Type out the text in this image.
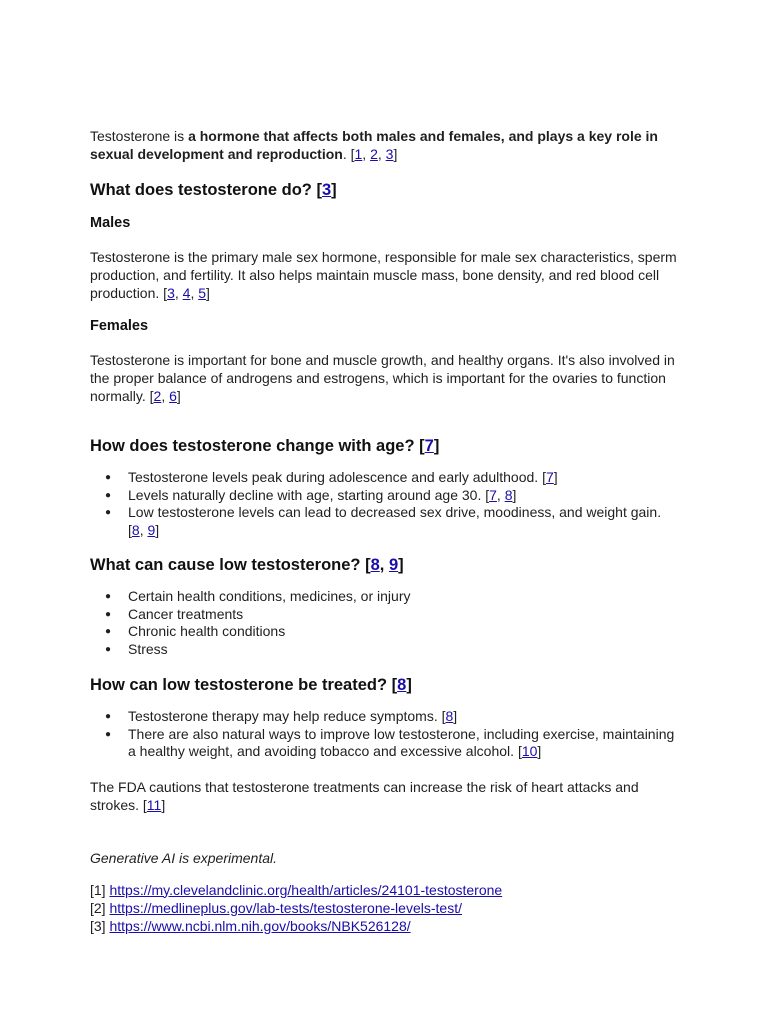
Testosterone is a hormone that affects both males and females, and plays a key role in sexual development and reproduction. [1, 2, 3]

What does testosterone do? [3]
Males

Testosterone is the primary male sex hormone, responsible for male sex characteristics, sperm production, and fertility. It also helps maintain muscle mass, bone density, and red blood cell production. [3, 4, 5]

Females

Testosterone is important for bone and muscle growth, and healthy organs. It's also involved in the proper balance of androgens and estrogens, which is important for the ovaries to function normally. [2, 6]

How does testosterone change with age? [7]
● Testosterone levels peak during adolescence and early adulthood. [7]
● Levels naturally decline with age, starting around age 30. [7, 8]
● Low testosterone levels can lead to decreased sex drive, moodiness, and weight gain. [8, 9]
What can cause low testosterone? [8, 9]
● Certain health conditions, medicines, or injury
● Cancer treatments
● Chronic health conditions
● Stress
How can low testosterone be treated? [8]
● Testosterone therapy may help reduce symptoms. [8]
● There are also natural ways to improve low testosterone, including exercise, maintaining a healthy weight, and avoiding tobacco and excessive alcohol. [10]

The FDA cautions that testosterone treatments can increase the risk of heart attacks and strokes. [11]

Generative AI is experimental.

[1] https://my.clevelandclinic.org/health/articles/24101-testosterone
[2] https://medlineplus.gov/lab-tests/testosterone-levels-test/
[3] https://www.ncbi.nlm.nih.gov/books/NBK526128/
